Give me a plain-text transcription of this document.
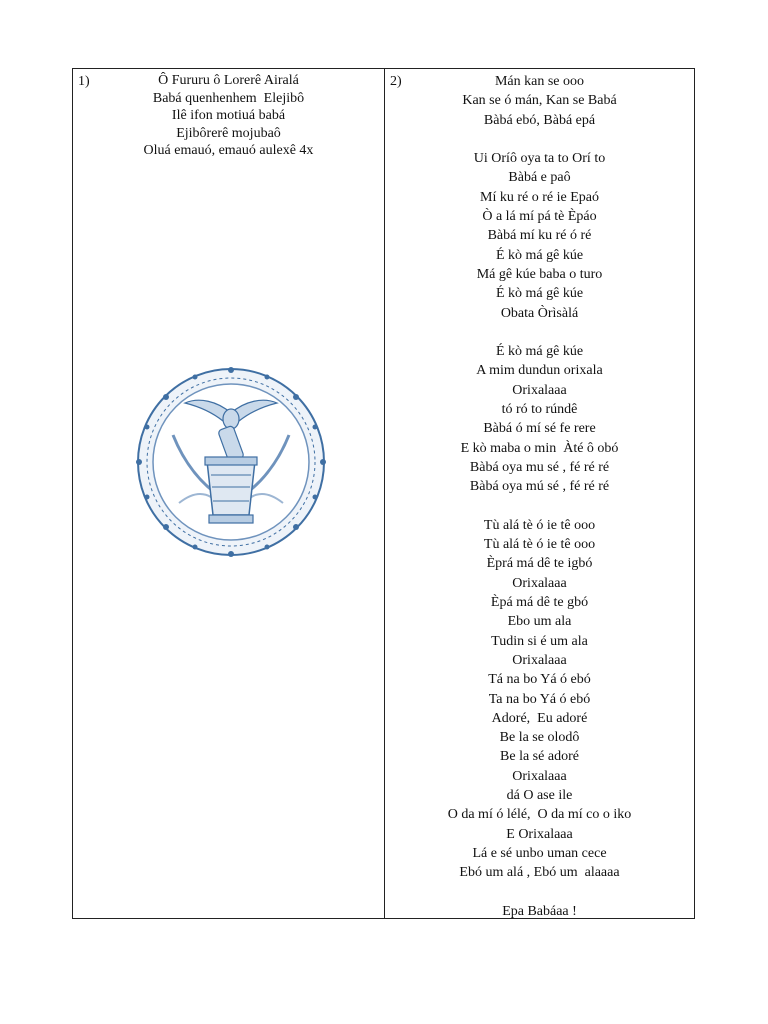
1)	Ô Fururu ô Lorerê Airalá
Babá quenhenhem  Elejibô
Ilê ifon motiuá babá
Ejibôrerê mojubaô
Oluá emauó, emauó aulexê 4x
2)	Mán kan se ooo
Kan se ó mán, Kan se Babá
Bàbá ebó, Bàbá epá

Ui Oríô oya ta to Orí to
Bàbá e paô
Mí ku ré o ré ie Epaó
Ò a lá mí pá tè Èpáo
Bàbá mí ku ré ó ré
É kò má gê kúe
Má gê kúe baba o turo
É kò má gê kúe
Obata Òrìsàlá

É kò má gê kúe
A mim dundun orixala
Orixalaaa
tó ró to rúndê
Bàbá ó mí sé fe rere
E kò maba o min  Àté ô obó
Bàbá oya mu sé , fé ré ré
Bàbá oya mú sé , fé ré ré

Tù alá tè ó ie tê ooo
Tù alá tè ó ie tê ooo
Èprá má dê te igbó
Orixalaaa
Èpá má dê te gbó
Ebo um ala
Tudin si é um ala
Orixalaaa
Tá na bo Yá ó ebó
Ta na bo Yá ó ebó
Adoré,  Eu adoré
Be la se olodô
Be la sé adoré
Orixalaaa
dá O ase ile
O da mí ó lélé,  O da mí co o iko
E Orixalaaa
Lá e sé unbo uman cece
Ebó um alá , Ebó um  alaaaa

Epa Babáaa !
